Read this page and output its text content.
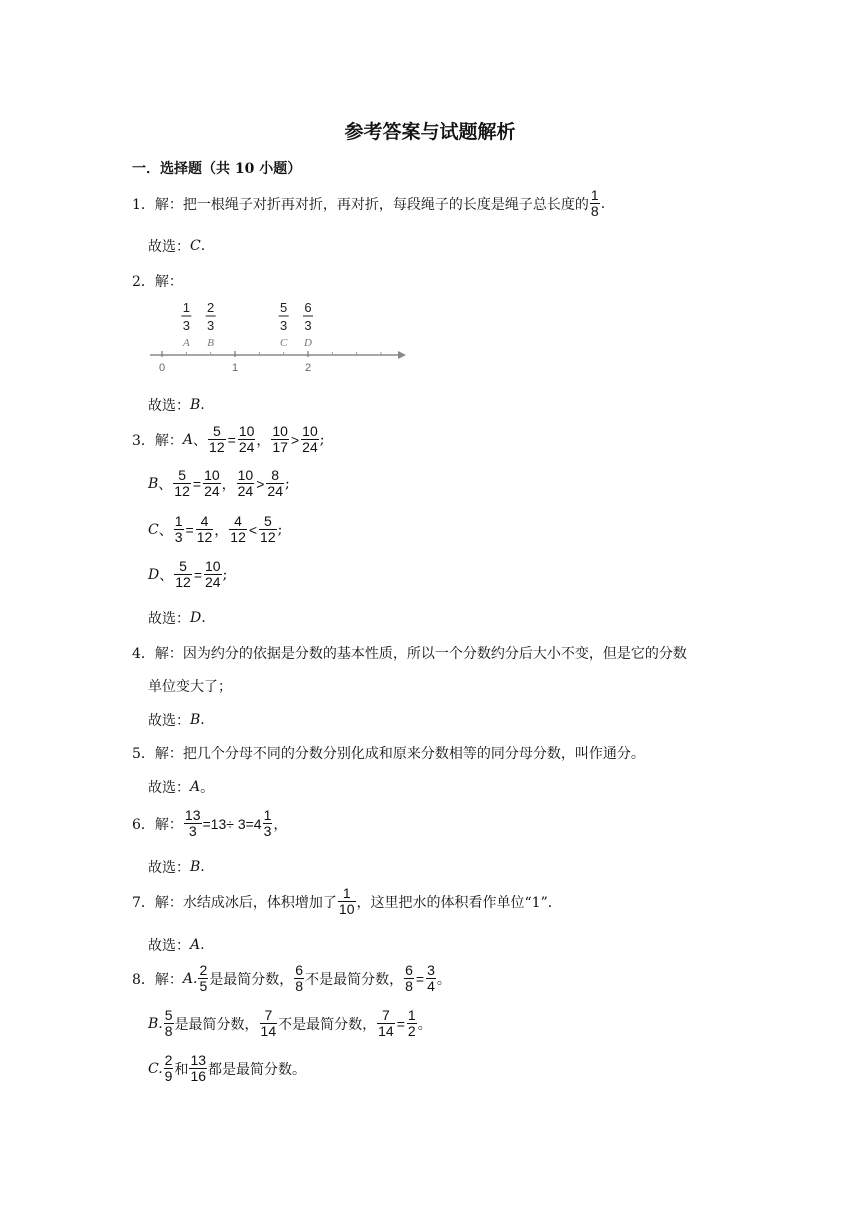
参考答案与试题解析
一．选择题（共 10 小题）
1．解：把一根绳子对折再对折，再对折，每段绳子的长度是绳子总长度的
1
8 .
故选： C .
2．解：
0	1	2
1
3
A
2
3
B
5
3
C
6
3
D
故选： B .
3．解： A 、
5
12 =
10
24 ，
10
17 >
10
24 ;
B 、
5
12 =
10
24 ，
10
24 >
8
24 ;
C 、
1
3 =
4
12 ，
4
12 <
5
12 ;
D 、
5
12 =
10
24 ;
故选： D .
4．解：因为约分的依据是分数的基本性质，所以一个分数约分后大小不变，但是它的分数
单位变大了；
故选： B .
5．解：把几个分母不同的分数分别化成和原来分数相等的同分母分数，叫作通分。
故选： A 。
6．解：
13
3 =13÷ 3=4
1
3 ，
故选： B .
7．解：水结成冰后，体积增加了
1
10 ，这里把水的体积看作单位“1”．
故选： A .
8．解： A.
2
5 是最简分数，
6
8 不是最简分数，
6
8 =
3
4 。
B.
5
8 是最简分数，
7
14 不是最简分数，
7
14 =
1
2 。
C.
2
9 和
13
16 都是最简分数。
